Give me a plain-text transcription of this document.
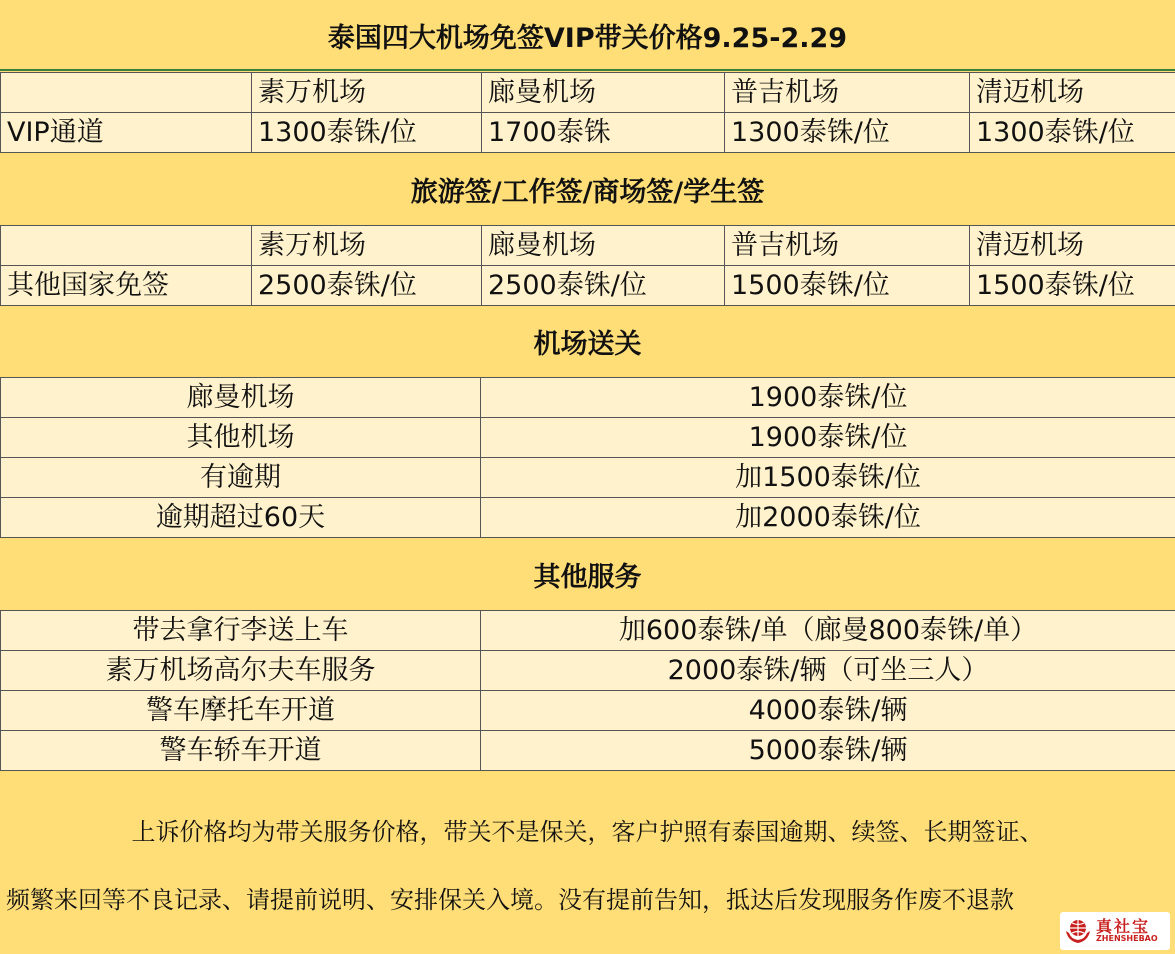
泰国四大机场免签VIP带关价格9.25-2.29
	素万机场	廊曼机场	普吉机场	清迈机场
VIP通道	1300泰铢/位	1700泰铢	1300泰铢/位	1300泰铢/位
旅游签/工作签/商场签/学生签
	素万机场	廊曼机场	普吉机场	清迈机场
其他国家免签	2500泰铢/位	2500泰铢/位	1500泰铢/位	1500泰铢/位
机场送关
廊曼机场	1900泰铢/位
其他机场	1900泰铢/位
有逾期	加1500泰铢/位
逾期超过60天	加2000泰铢/位
其他服务
带去拿行李送上车	加600泰铢/单（廊曼800泰铢/单）
素万机场高尔夫车服务	2000泰铢/辆（可坐三人）
警车摩托车开道	4000泰铢/辆
警车轿车开道	5000泰铢/辆
上诉价格均为带关服务价格，带关不是保关，客户护照有泰国逾期、续签、长期签证、
频繁来回等不良记录、请提前说明、安排保关入境。没有提前告知，抵达后发现服务作废不退款
真社宝
ZHENSHEBAO
